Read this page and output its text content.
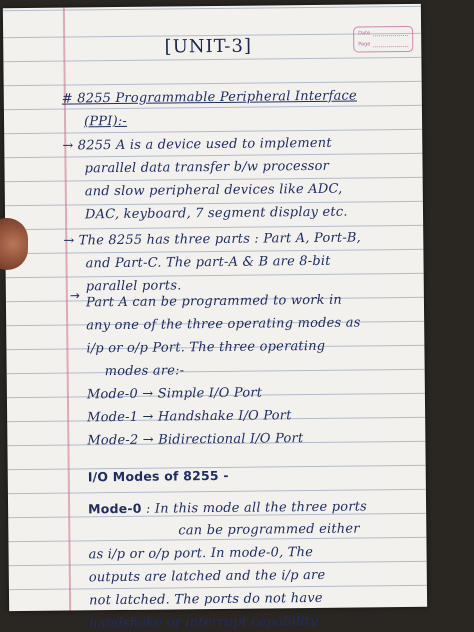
Date
Page
[UNIT-3]
# 8255 Programmable Peripheral Interface
(PPI):-
→ 8255 A is a device used to implement
parallel data transfer b/w processor
and slow peripheral devices like ADC,
DAC, keyboard, 7 segment display etc.
→ The 8255 has three parts : Part A, Port-B,
and Part-C. The part-A & B are 8-bit
parallel ports.
→ Part A can be programmed to work in
any one of the three operating modes as
i/p or o/p Port. The three operating
modes are:-
Mode-0 → Simple I/O Port
Mode-1 → Handshake I/O Port
Mode-2 → Bidirectional I/O Port
I/O Modes of 8255 -
Mode-0 : In this mode all the three ports
can be programmed either
as i/p or o/p port. In mode-0, The
outputs are latched and the i/p are
not latched. The ports do not have
handshake or interrupt capability.
